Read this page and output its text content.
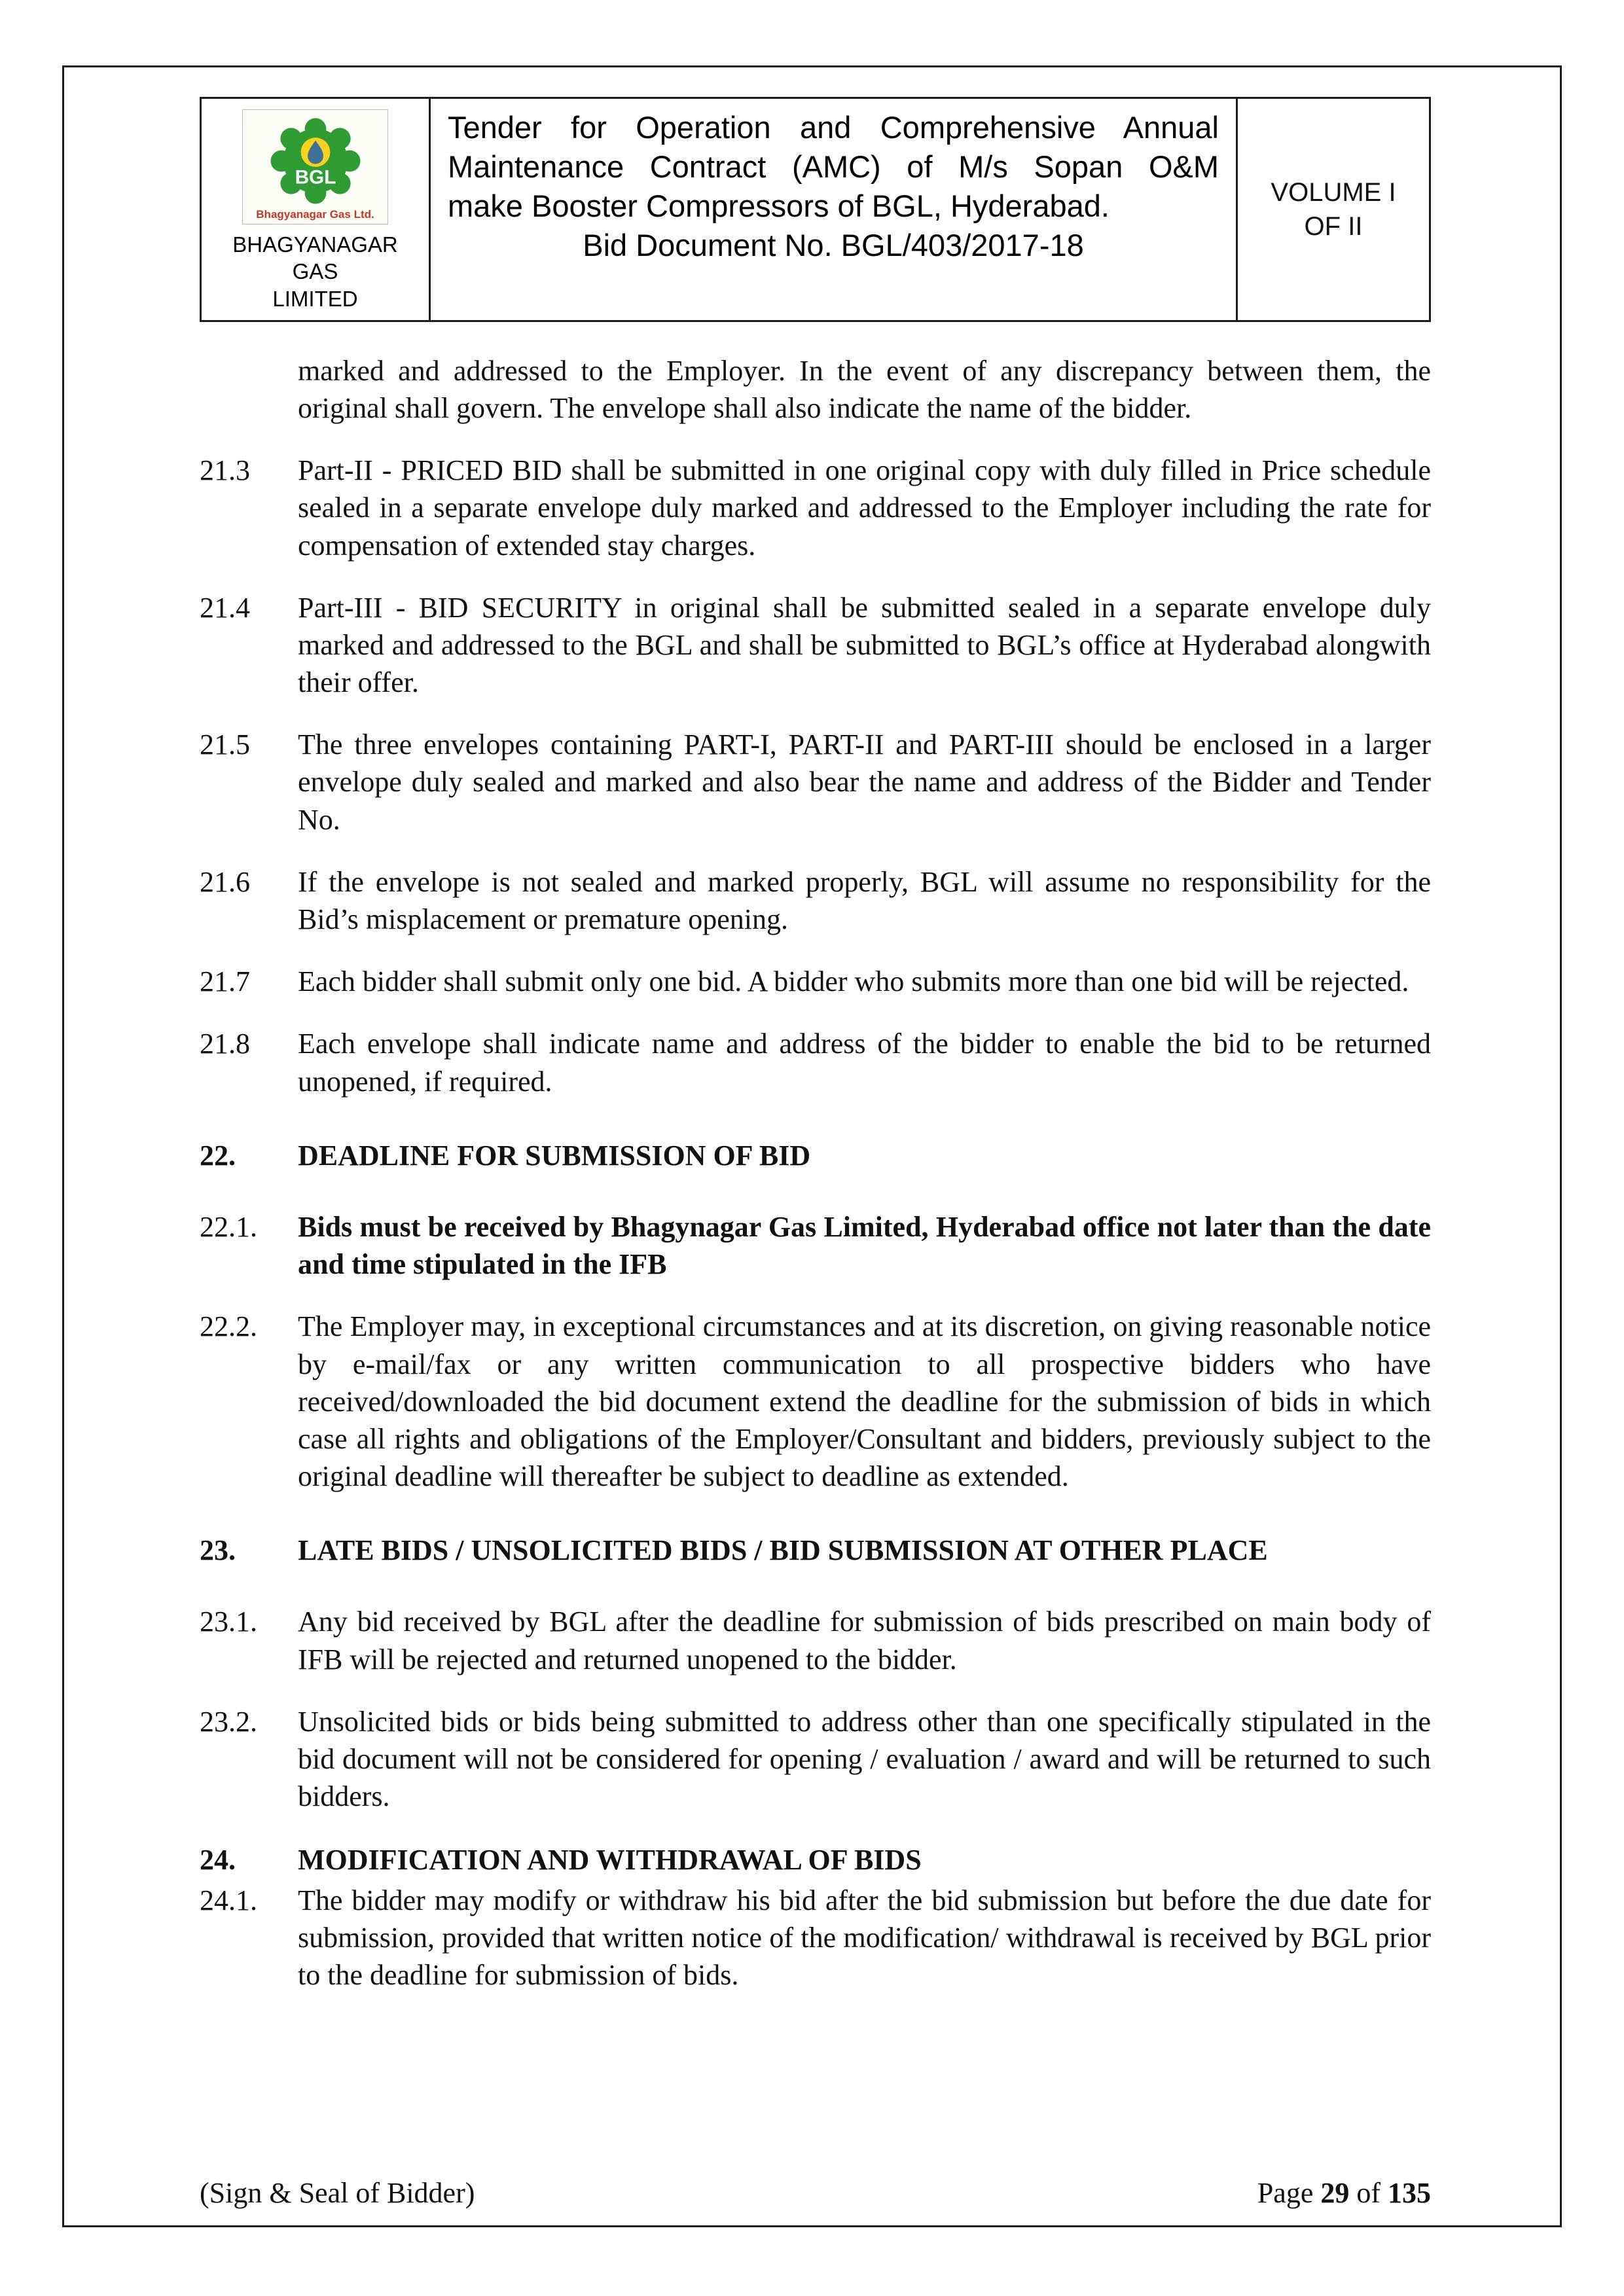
BGL
Bhagyanagar Gas Ltd.
BHAGYANAGAR GAS
LIMITED
Tender for Operation and Comprehensive Annual
Maintenance Contract (AMC) of M/s Sopan O&M
make Booster Compressors of BGL, Hyderabad.
Bid Document No. BGL/403/2017-18
VOLUME I
OF II
marked and addressed to the Employer. In the event of any discrepancy between them, the original shall govern. The envelope shall also indicate the name of the bidder.
21.3	Part-II - PRICED BID shall be submitted in one original copy with duly filled in Price schedule sealed in a separate envelope duly marked and addressed to the Employer including the rate for compensation of extended stay charges.
21.4	Part-III - BID SECURITY in original shall be submitted sealed in a separate envelope duly marked and addressed to the BGL and shall be submitted to BGL’s office at Hyderabad alongwith their offer.
21.5	The three envelopes containing PART-I, PART-II and PART-III should be enclosed in a larger envelope duly sealed and marked and also bear the name and address of the Bidder and Tender No.
21.6	If the envelope is not sealed and marked properly, BGL will assume no responsibility for the Bid’s misplacement or premature opening.
21.7	Each bidder shall submit only one bid. A bidder who submits more than one bid will be rejected.
21.8	Each envelope shall indicate name and address of the bidder to enable the bid to be returned unopened, if required.
22.	DEADLINE FOR SUBMISSION OF BID
22.1.	Bids must be received by Bhagynagar Gas Limited, Hyderabad office not later than the date and time stipulated in the IFB
22.2.	The Employer may, in exceptional circumstances and at its discretion, on giving reasonable notice by e-mail/fax or any written communication to all prospective bidders who have received/downloaded the bid document extend the deadline for the submission of bids in which case all rights and obligations of the Employer/Consultant and bidders, previously subject to the original deadline will thereafter be subject to deadline as extended.
23.	LATE BIDS / UNSOLICITED BIDS / BID SUBMISSION AT OTHER PLACE
23.1.	Any bid received by BGL after the deadline for submission of bids prescribed on main body of IFB will be rejected and returned unopened to the bidder.
23.2.	Unsolicited bids or bids being submitted to address other than one specifically stipulated in the bid document will not be considered for opening / evaluation / award and will be returned to such bidders.
24.	MODIFICATION AND WITHDRAWAL OF BIDS
24.1.	The bidder may modify or withdraw his bid after the bid submission but before the due date for submission, provided that written notice of the modification/ withdrawal is received by BGL prior to the deadline for submission of bids.
(Sign & Seal of Bidder)	Page 29 of 135
